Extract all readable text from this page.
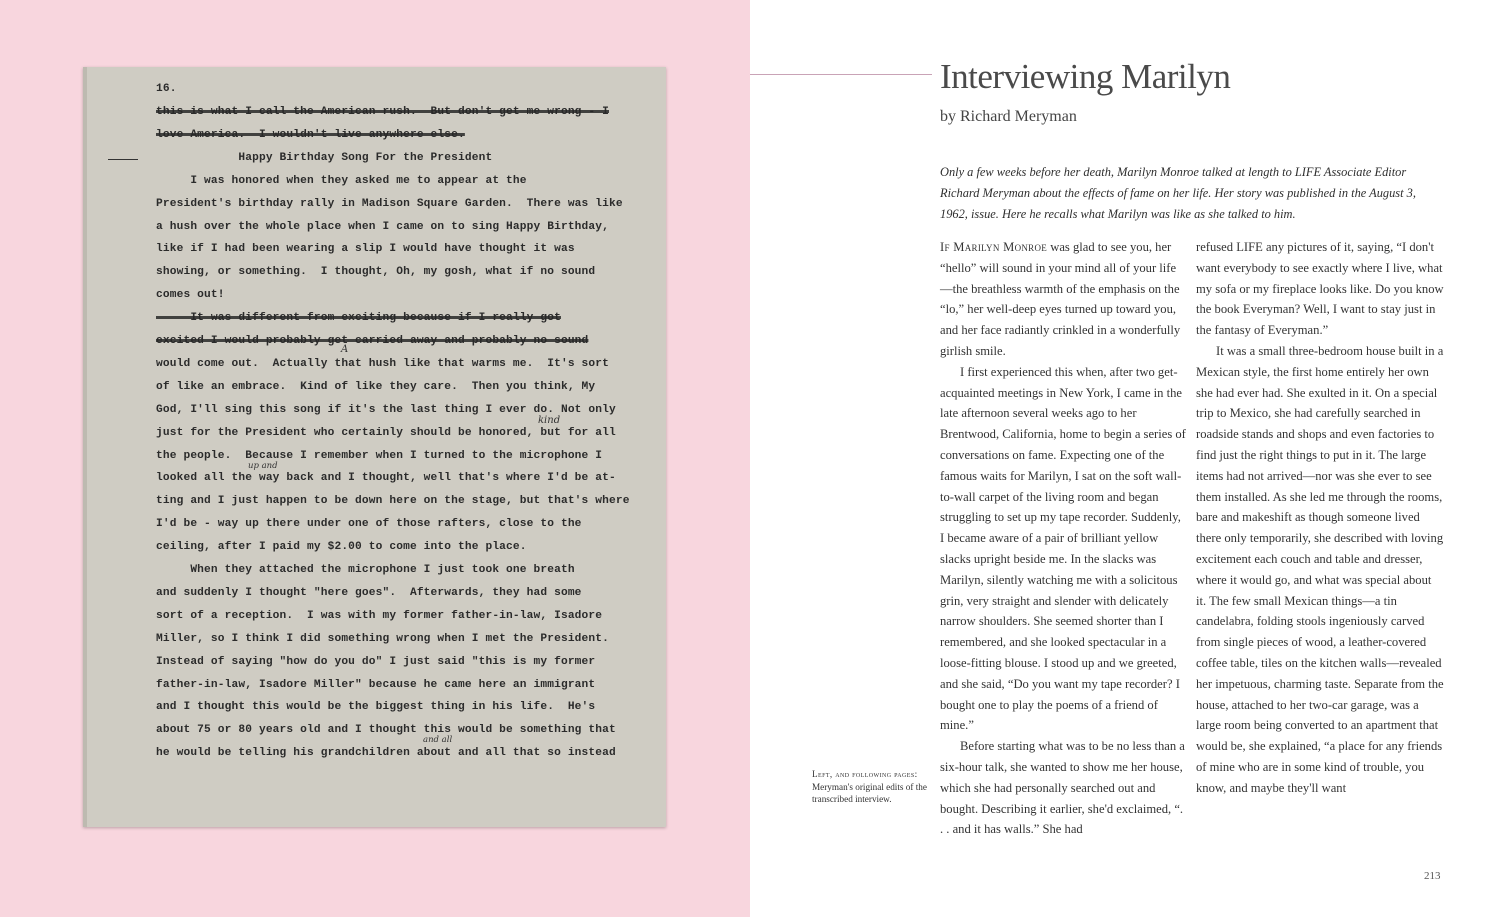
16.
this is what I call the American rush.  But don't get me wrong - I
love America.  I wouldn't live anywhere else.
Happy Birthday Song For the President
I was honored when they asked me to appear at the
President's birthday rally in Madison Square Garden.  There was like
a hush over the whole place when I came on to sing Happy Birthday,
like if I had been wearing a slip I would have thought it was
showing, or something.  I thought, Oh, my gosh, what if no sound
comes out!
It was different from exciting because if I really got
excited I would probably get carried away and probably no sound
would come out.  Actually that hush like that warms me.  It's sort
of like an embrace.  Kind of like they care.  Then you think, My
God, I'll sing this song if it's the last thing I ever do. Not only
just for the President who certainly should be honored, but for all
the people.  Because I remember when I turned to the microphone I
looked all the way back and I thought, well that's where I'd be at-
ting and I just happen to be down here on the stage, but that's where
I'd be - way up there under one of those rafters, close to the
ceiling, after I paid my $2.00 to come into the place.
When they attached the microphone I just took one breath
and suddenly I thought "here goes".  Afterwards, they had some
sort of a reception.  I was with my former father-in-law, Isadore
Miller, so I think I did something wrong when I met the President.
Instead of saying "how do you do" I just said "this is my former
father-in-law, Isadore Miller" because he came here an immigrant
and I thought this would be the biggest thing in his life.  He's
about 75 or 80 years old and I thought this would be something that
he would be telling his grandchildren about and all that so instead
A
kind
up and
and all
Interviewing Marilyn
by Richard Meryman
Only a few weeks before her death, Marilyn Monroe talked at length to LIFE Associate Editor Richard Meryman about the effects of fame on her life. Her story was published in the August 3, 1962, issue. Here he recalls what Marilyn was like as she talked to him.

If Marilyn Monroe was glad to see you, her “hello” will sound in your mind all of your life—the breathless warmth of the emphasis on the “lo,” her well-deep eyes turned up toward you, and her face radiantly crinkled in a wonderfully girlish smile.

I first experienced this when, after two get-acquainted meetings in New York, I came in the late afternoon several weeks ago to her Brentwood, California, home to begin a series of conversations on fame. Expecting one of the famous waits for Marilyn, I sat on the soft wall-to-wall carpet of the living room and began struggling to set up my tape recorder. Suddenly, I became aware of a pair of brilliant yellow slacks upright beside me. In the slacks was Marilyn, silently watching me with a solicitous grin, very straight and slender with delicately narrow shoulders. She seemed shorter than I remembered, and she looked spectacular in a loose-fitting blouse. I stood up and we greeted, and she said, “Do you want my tape recorder? I bought one to play the poems of a friend of mine.”

Before starting what was to be no less than a six-hour talk, she wanted to show me her house, which she had personally searched out and bought. Describing it earlier, she'd exclaimed, “. . . and it has walls.” She had

refused LIFE any pictures of it, saying, “I don't want everybody to see exactly where I live, what my sofa or my fireplace looks like. Do you know the book Everyman? Well, I want to stay just in the fantasy of Everyman.”

It was a small three-bedroom house built in a Mexican style, the first home entirely her own she had ever had. She exulted in it. On a special trip to Mexico, she had carefully searched in roadside stands and shops and even factories to find just the right things to put in it. The large items had not arrived—nor was she ever to see them installed. As she led me through the rooms, bare and makeshift as though someone lived there only temporarily, she described with loving excitement each couch and table and dresser, where it would go, and what was special about it. The few small Mexican things—a tin candelabra, folding stools ingeniously carved from single pieces of wood, a leather-covered coffee table, tiles on the kitchen walls—revealed her impetuous, charming taste. Separate from the house, attached to her two-car garage, was a large room being converted to an apartment that would be, she explained, “a place for any friends of mine who are in some kind of trouble, you know, and maybe they'll want

Left, and following pages: Meryman's original edits of the transcribed interview.
213
